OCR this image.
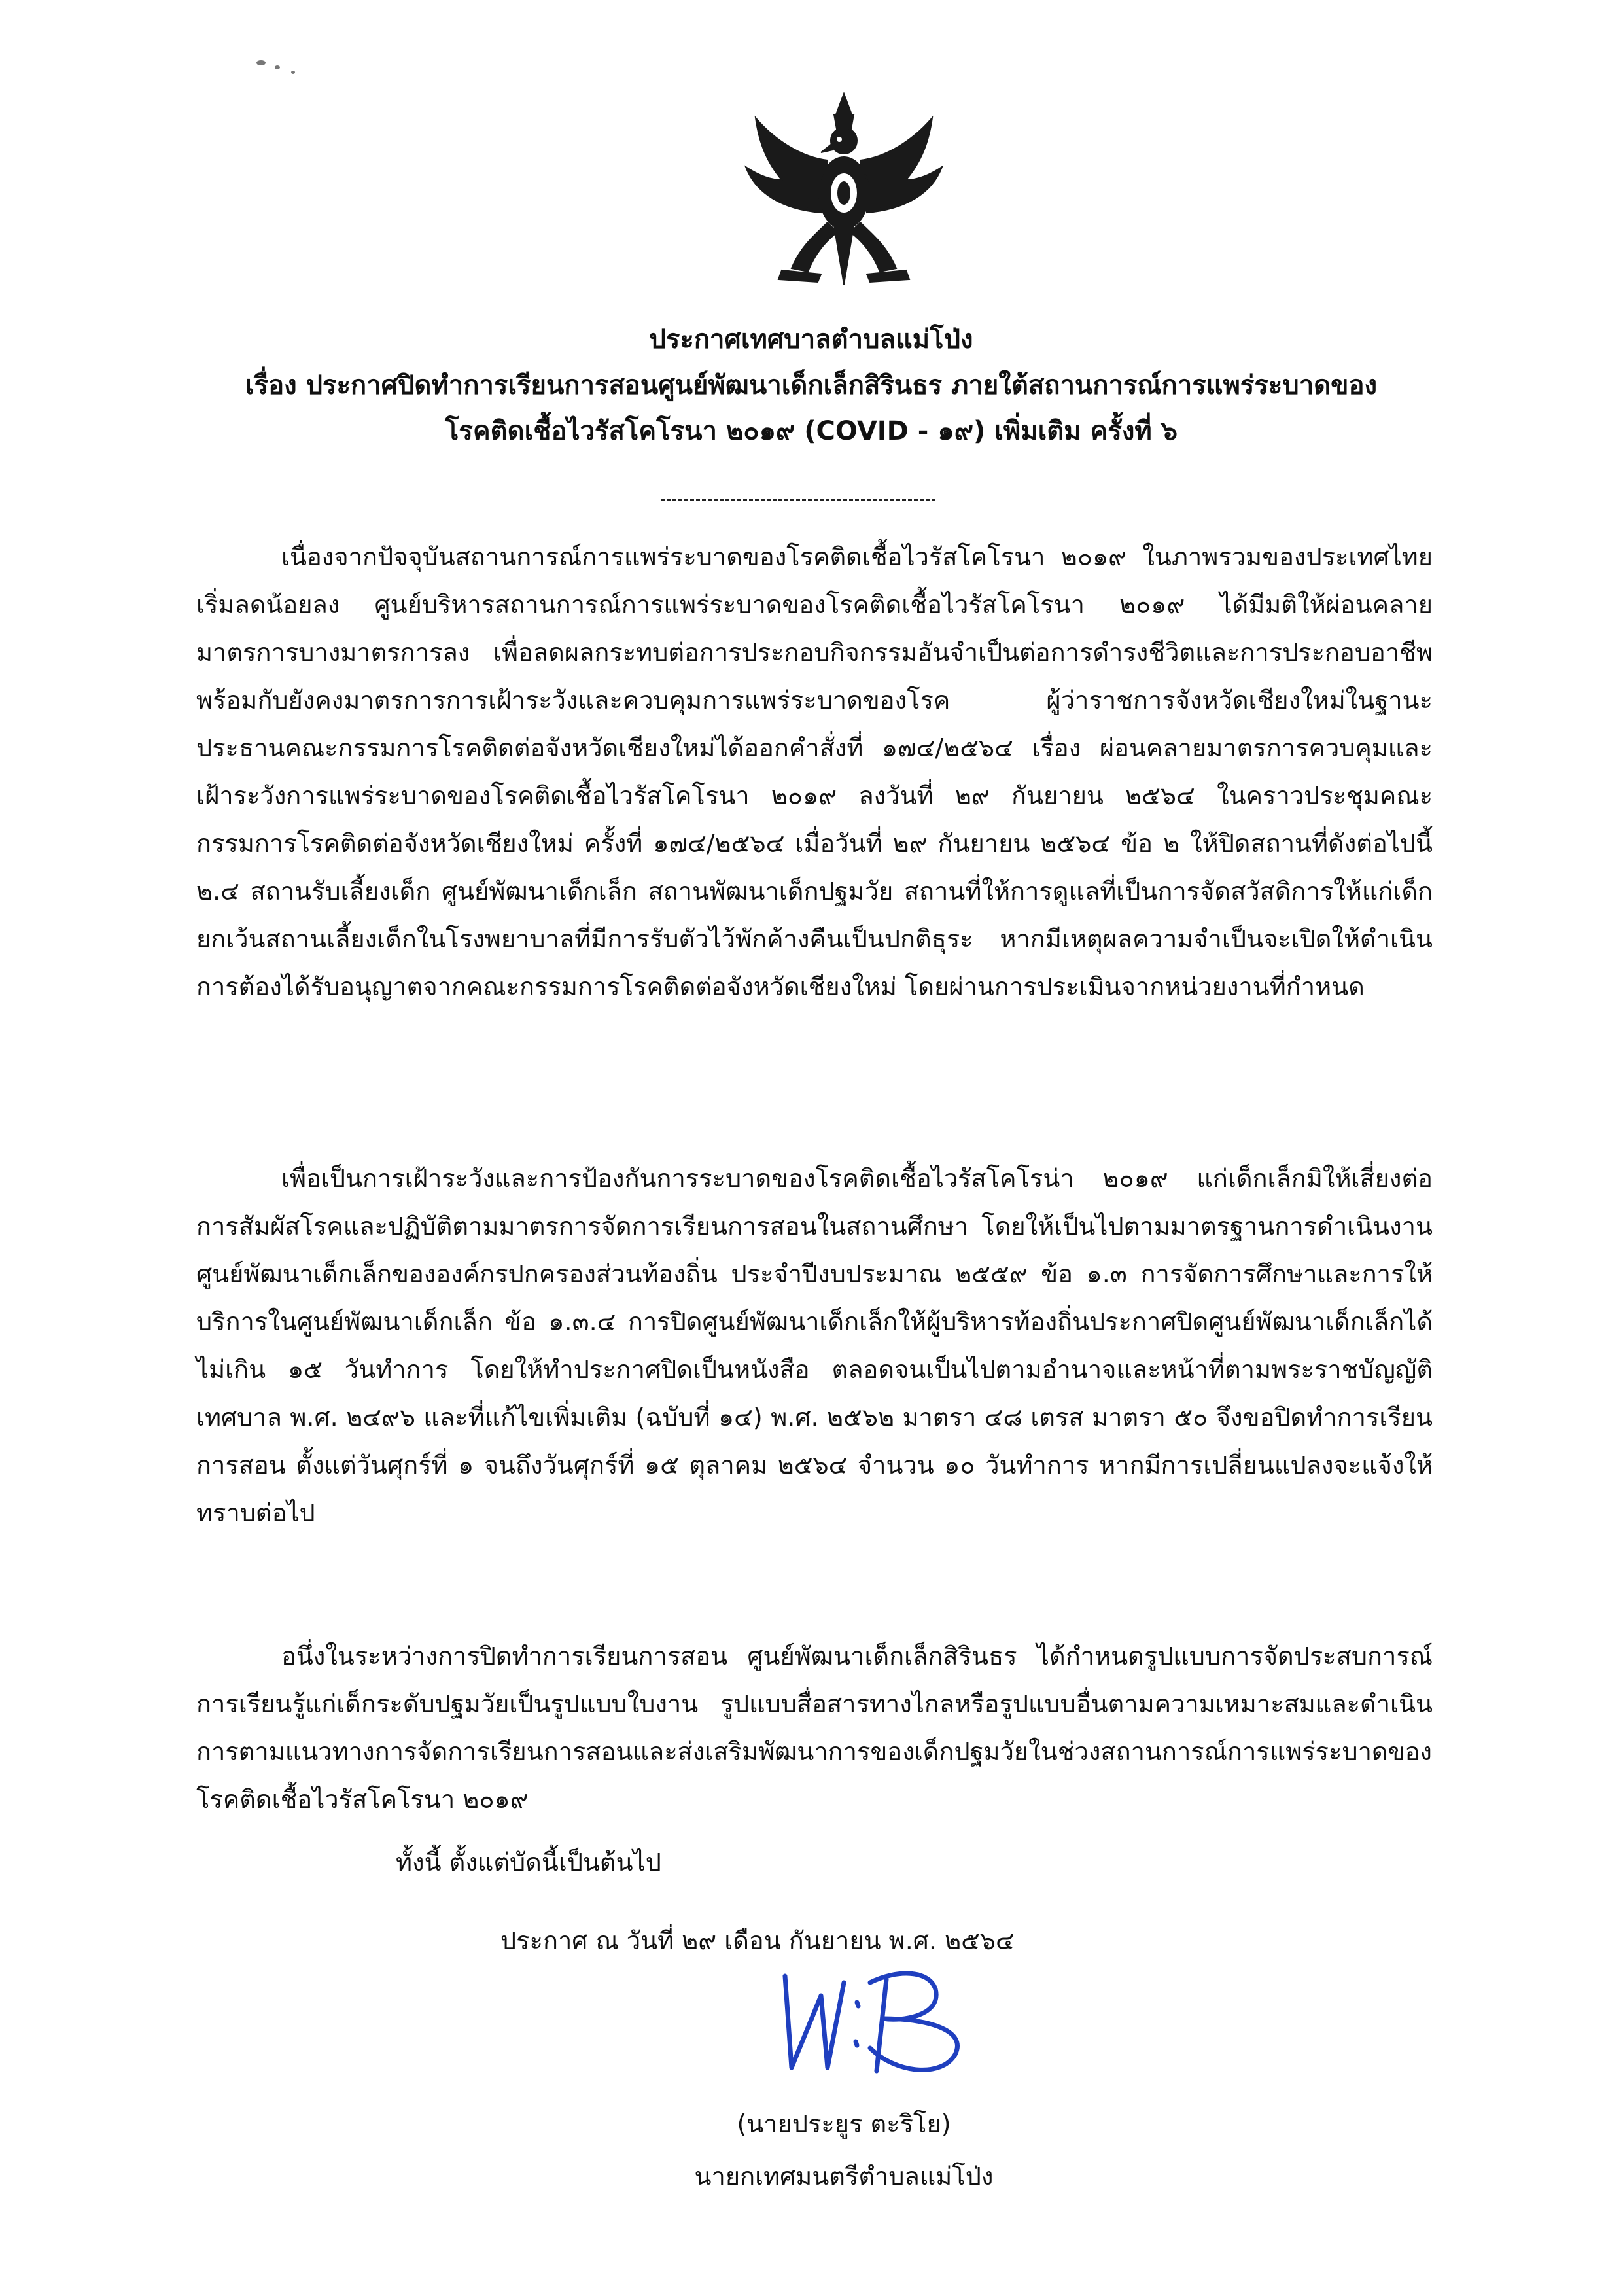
ประกาศเทศบาลตำบลแม่โป่ง
เรื่อง ประกาศปิดทำการเรียนการสอนศูนย์พัฒนาเด็กเล็กสิรินธร ภายใต้สถานการณ์การแพร่ระบาดของ
โรคติดเชื้อไวรัสโคโรนา ๒๐๑๙ (COVID - ๑๙) เพิ่มเติม ครั้งที่ ๖
เนื่องจากปัจจุบันสถานการณ์การแพร่ระบาดของโรคติดเชื้อไวรัสโคโรนา ๒๐๑๙ ในภาพรวมของประเทศไทยเริ่มลดน้อยลง ศูนย์บริหารสถานการณ์การแพร่ระบาดของโรคติดเชื้อไวรัสโคโรนา ๒๐๑๙ ได้มีมติให้ผ่อนคลายมาตรการบางมาตรการลง เพื่อลดผลกระทบต่อการประกอบกิจกรรมอันจำเป็นต่อการดำรงชีวิตและการประกอบอาชีพ พร้อมกับยังคงมาตรการการเฝ้าระวังและควบคุมการแพร่ระบาดของโรค ผู้ว่าราชการจังหวัดเชียงใหม่ในฐานะประธานคณะกรรมการโรคติดต่อจังหวัดเชียงใหม่ได้ออกคำสั่งที่ ๑๗๔/๒๕๖๔ เรื่อง ผ่อนคลายมาตรการควบคุมและเฝ้าระวังการแพร่ระบาดของโรคติดเชื้อไวรัสโคโรนา ๒๐๑๙ ลงวันที่ ๒๙ กันยายน ๒๕๖๔ ในคราวประชุมคณะกรรมการโรคติดต่อจังหวัดเชียงใหม่ ครั้งที่ ๑๗๔/๒๕๖๔ เมื่อวันที่ ๒๙ กันยายน ๒๕๖๔ ข้อ ๒ ให้ปิดสถานที่ดังต่อไปนี้ ๒.๔ สถานรับเลี้ยงเด็ก ศูนย์พัฒนาเด็กเล็ก สถานพัฒนาเด็กปฐมวัย สถานที่ให้การดูแลที่เป็นการจัดสวัสดิการให้แก่เด็ก ยกเว้นสถานเลี้ยงเด็กในโรงพยาบาลที่มีการรับตัวไว้พักค้างคืนเป็นปกติธุระ หากมีเหตุผลความจำเป็นจะเปิดให้ดำเนินการต้องได้รับอนุญาตจากคณะกรรมการโรคติดต่อจังหวัดเชียงใหม่ โดยผ่านการประเมินจากหน่วยงานที่กำหนด
เพื่อเป็นการเฝ้าระวังและการป้องกันการระบาดของโรคติดเชื้อไวรัสโคโรน่า ๒๐๑๙ แก่เด็กเล็กมิให้เสี่ยงต่อการสัมผัสโรคและปฏิบัติตามมาตรการจัดการเรียนการสอนในสถานศึกษา โดยให้เป็นไปตามมาตรฐานการดำเนินงานศูนย์พัฒนาเด็กเล็กขององค์กรปกครองส่วนท้องถิ่น ประจำปีงบประมาณ ๒๕๕๙ ข้อ ๑.๓ การจัดการศึกษาและการให้บริการในศูนย์พัฒนาเด็กเล็ก ข้อ ๑.๓.๔ การปิดศูนย์พัฒนาเด็กเล็กให้ผู้บริหารท้องถิ่นประกาศปิดศูนย์พัฒนาเด็กเล็กได้ไม่เกิน ๑๕ วันทำการ โดยให้ทำประกาศปิดเป็นหนังสือ ตลอดจนเป็นไปตามอำนาจและหน้าที่ตามพระราชบัญญัติเทศบาล พ.ศ. ๒๔๙๖ และที่แก้ไขเพิ่มเติม (ฉบับที่ ๑๔) พ.ศ. ๒๕๖๒ มาตรา ๔๘ เตรส มาตรา ๕๐ จึงขอปิดทำการเรียนการสอน ตั้งแต่วันศุกร์ที่ ๑ จนถึงวันศุกร์ที่ ๑๕ ตุลาคม ๒๕๖๔ จำนวน ๑๐ วันทำการ หากมีการเปลี่ยนแปลงจะแจ้งให้ทราบต่อไป
อนึ่งในระหว่างการปิดทำการเรียนการสอน ศูนย์พัฒนาเด็กเล็กสิรินธร ได้กำหนดรูปแบบการจัดประสบการณ์การเรียนรู้แก่เด็กระดับปฐมวัยเป็นรูปแบบใบงาน รูปแบบสื่อสารทางไกลหรือรูปแบบอื่นตามความเหมาะสมและดำเนินการตามแนวทางการจัดการเรียนการสอนและส่งเสริมพัฒนาการของเด็กปฐมวัยในช่วงสถานการณ์การแพร่ระบาดของโรคติดเชื้อไวรัสโคโรนา ๒๐๑๙
ทั้งนี้ ตั้งแต่บัดนี้เป็นต้นไป
ประกาศ ณ วันที่ ๒๙ เดือน กันยายน พ.ศ. ๒๕๖๔
(นายประยูร ตะริโย)
นายกเทศมนตรีตำบลแม่โป่ง
